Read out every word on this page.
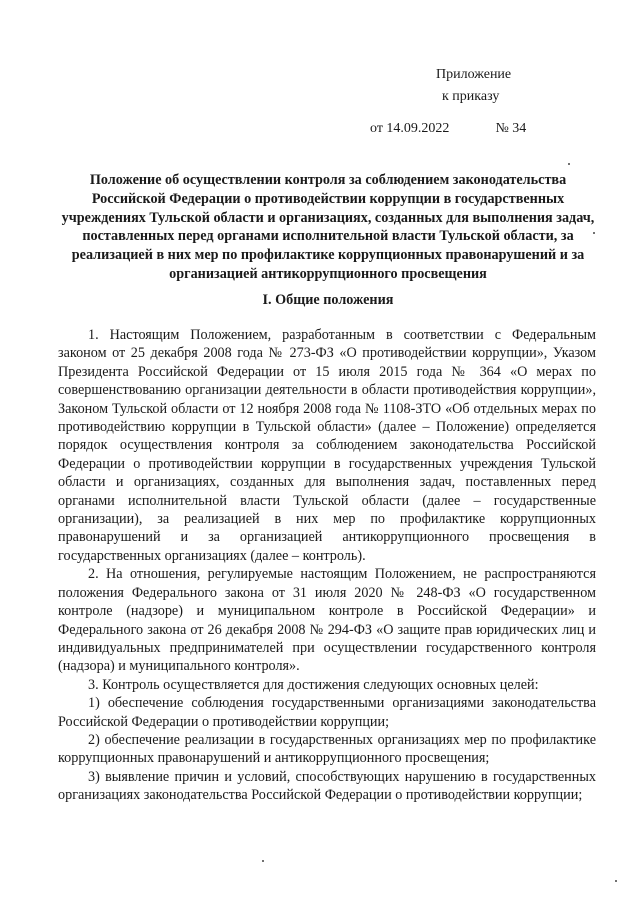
Приложение
к приказу
от 14.09.2022	№ 34
Положение об осуществлении контроля за соблюдением законодательства Российской Федерации о противодействии коррупции в государственных учреждениях Тульской области и организациях, созданных для выполнения задач, поставленных перед органами исполнительной власти Тульской области, за реализацией в них мер по профилактике коррупционных правонарушений и за организацией антикоррупционного просвещения
I. Общие положения

1. Настоящим Положением, разработанным в соответствии с Федеральным законом от 25 декабря 2008 года № 273-ФЗ «О противодействии коррупции», Указом Президента Российской Федерации от 15 июля 2015 года № 364 «О мерах по совершенствованию организации деятельности в области противодействия коррупции», Законом Тульской области от 12 ноября 2008 года № 1108-ЗТО «Об отдельных мерах по противодействию коррупции в Тульской области» (далее – Положение) определяется порядок осуществления контроля за соблюдением законодательства Российской Федерации о противодействии коррупции в государственных учреждения Тульской области и организациях, созданных для выполнения задач, поставленных перед органами исполнительной власти Тульской области (далее – государственные организации), за реализацией в них мер по профилактике коррупционных правонарушений и за организацией антикоррупционного просвещения в государственных организациях (далее – контроль).

2. На отношения, регулируемые настоящим Положением, не распространяются положения Федерального закона от 31 июля 2020 № 248-ФЗ «О государственном контроле (надзоре) и муниципальном контроле в Российской Федерации» и Федерального закона от 26 декабря 2008 № 294-ФЗ «О защите прав юридических лиц и индивидуальных предпринимателей при осуществлении государственного контроля (надзора) и муниципального контроля».

3. Контроль осуществляется для достижения следующих основных целей:

1) обеспечение соблюдения государственными организациями законодательства Российской Федерации о противодействии коррупции;

2) обеспечение реализации в государственных организациях мер по профилактике коррупционных правонарушений и антикоррупционного просвещения;

3) выявление причин и условий, способствующих нарушению в государственных организациях законодательства Российской Федерации о противодействии коррупции;
